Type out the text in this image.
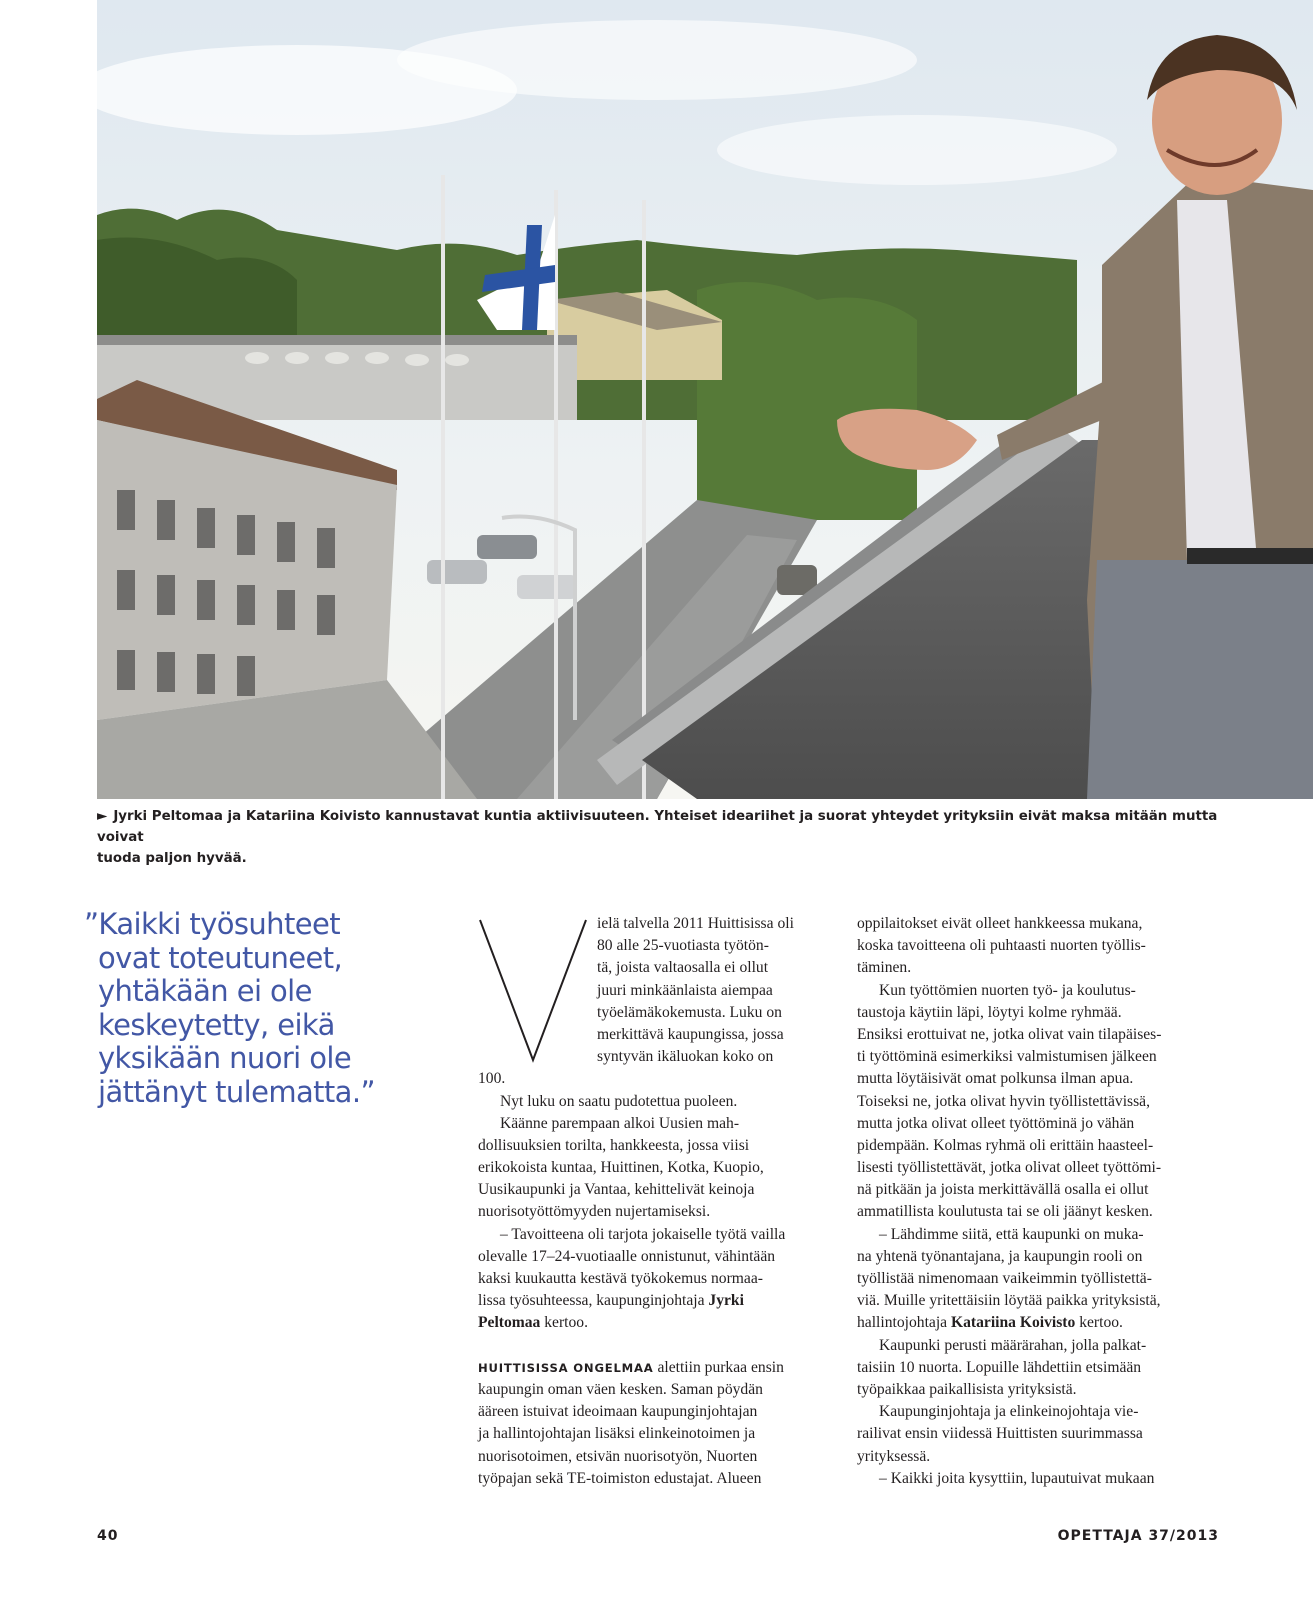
► Jyrki Peltomaa ja Katariina Koivisto kannustavat kuntia aktiivisuuteen. Yhteiset ideariihet ja suorat yhteydet yrityksiin eivät maksa mitään mutta voivat
tuoda paljon hyvää.
”Kaikki työsuhteet
ovat toteutuneet,
yhtäkään ei ole
keskeytetty, eikä
yksikään nuori ole
jättänyt tulematta.”
ielä talvella 2011 Huittisissa oli
80 alle 25-vuotiasta työtön-
tä, joista valtaosalla ei ollut
juuri minkäänlaista aiempaa
työelämäkokemusta. Luku on
merkittävä kaupungissa, jossa
syntyvän ikäluokan koko on
100.
Nyt luku on saatu pudotettua puoleen.
Käänne parempaan alkoi Uusien mah-
dollisuuksien torilta, hankkeesta, jossa viisi
erikokoista kuntaa, Huittinen, Kotka, Kuopio,
Uusikaupunki ja Vantaa, kehittelivät keinoja
nuorisotyöttömyyden nujertamiseksi.
– Tavoitteena oli tarjota jokaiselle työtä vailla
olevalle 17–24-vuotiaalle onnistunut, vähintään
kaksi kuukautta kestävä työkokemus normaa-
lissa työsuhteessa, kaupunginjohtaja Jyrki
Peltomaa kertoo.
HUITTISISSA ONGELMAA alettiin purkaa ensin
kaupungin oman väen kesken. Saman pöydän
ääreen istuivat ideoimaan kaupunginjohtajan
ja hallintojohtajan lisäksi elinkeinotoimen ja
nuorisotoimen, etsivän nuorisotyön, Nuorten
työpajan sekä TE-toimiston edustajat. Alueen
oppilaitokset eivät olleet hankkeessa mukana,
koska tavoitteena oli puhtaasti nuorten työllis-
täminen.
Kun työttömien nuorten työ- ja koulutus-
taustoja käytiin läpi, löytyi kolme ryhmää.
Ensiksi erottuivat ne, jotka olivat vain tilapäises-
ti työttöminä esimerkiksi valmistumisen jälkeen
mutta löytäisivät omat polkunsa ilman apua.
Toiseksi ne, jotka olivat hyvin työllistettävissä,
mutta jotka olivat olleet työttöminä jo vähän
pidempään. Kolmas ryhmä oli erittäin haasteel-
lisesti työllistettävät, jotka olivat olleet työttömi-
nä pitkään ja joista merkittävällä osalla ei ollut
ammatillista koulutusta tai se oli jäänyt kesken.
– Lähdimme siitä, että kaupunki on muka-
na yhtenä työnantajana, ja kaupungin rooli on
työllistää nimenomaan vaikeimmin työllistettä-
viä. Muille yritettäisiin löytää paikka yrityksistä,
hallintojohtaja Katariina Koivisto kertoo.
Kaupunki perusti määrärahan, jolla palkat-
taisiin 10 nuorta. Lopuille lähdettiin etsimään
työpaikkaa paikallisista yrityksistä.
Kaupunginjohtaja ja elinkeinojohtaja vie-
railivat ensin viidessä Huittisten suurimmassa
yrityksessä.
– Kaikki joita kysyttiin, lupautuivat mukaan
40	OPETTAJA 37/2013
